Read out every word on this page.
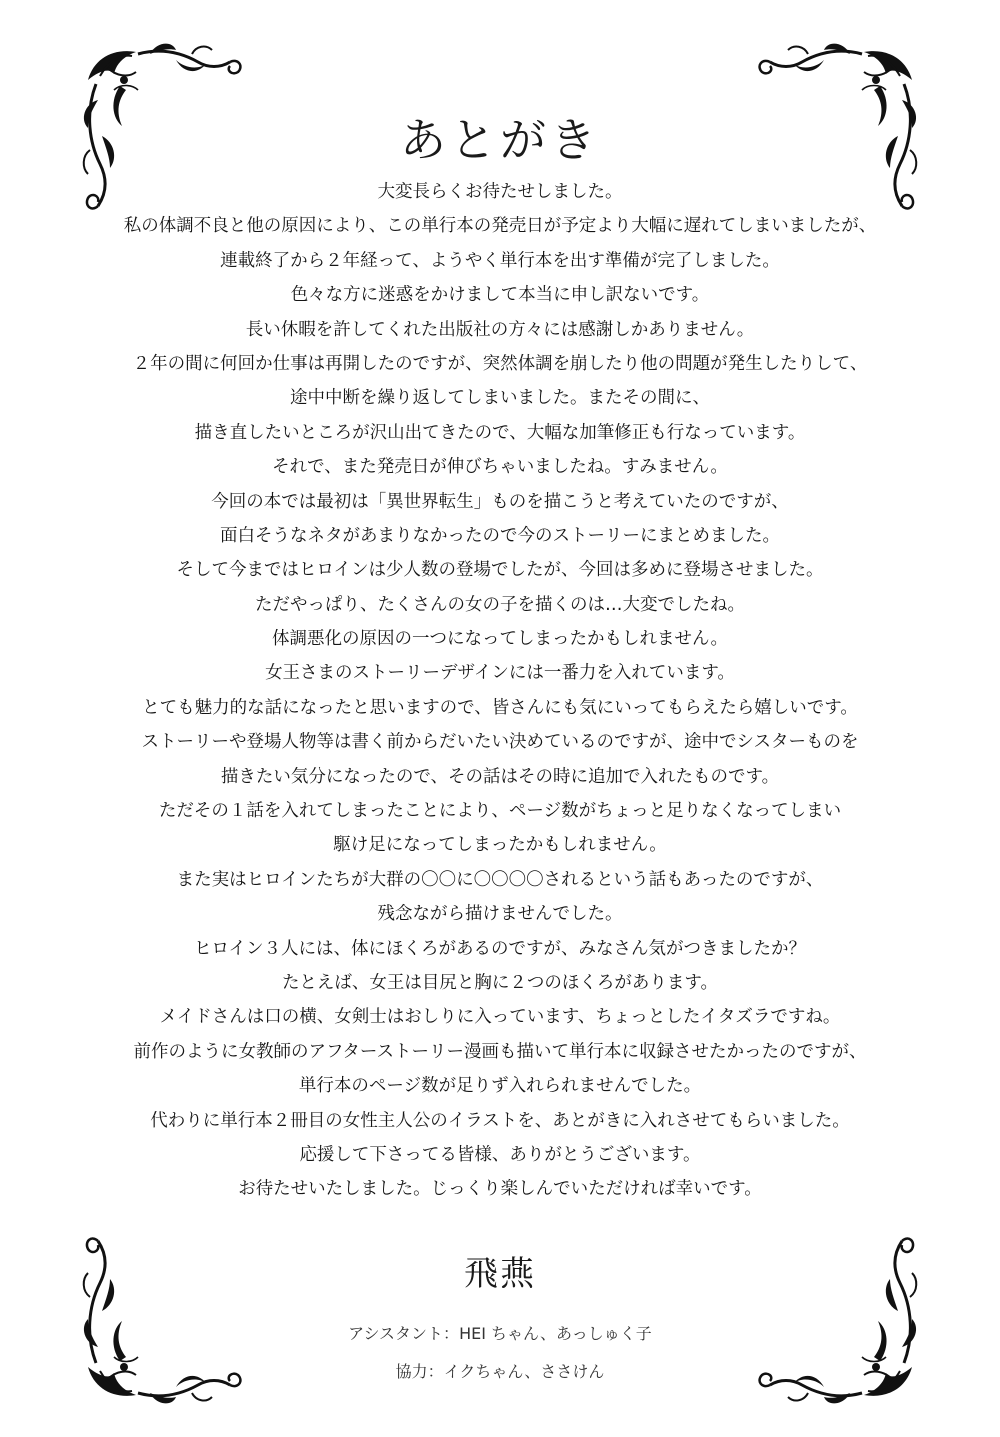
あとがき
大変長らくお待たせしました。
私の体調不良と他の原因により、この単行本の発売日が予定より大幅に遅れてしまいましたが、
連載終了から２年経って、ようやく単行本を出す準備が完了しました。
色々な方に迷惑をかけまして本当に申し訳ないです。
長い休暇を許してくれた出版社の方々には感謝しかありません。
２年の間に何回か仕事は再開したのですが、突然体調を崩したり他の問題が発生したりして、
途中中断を繰り返してしまいました。またその間に、
描き直したいところが沢山出てきたので、大幅な加筆修正も行なっています。
それで、また発売日が伸びちゃいましたね。すみません。
今回の本では最初は「異世界転生」ものを描こうと考えていたのですが、
面白そうなネタがあまりなかったので今のストーリーにまとめました。
そして今まではヒロインは少人数の登場でしたが、今回は多めに登場させました。
ただやっぱり、たくさんの女の子を描くのは…大変でしたね。
体調悪化の原因の一つになってしまったかもしれません。
女王さまのストーリーデザインには一番力を入れています。
とても魅力的な話になったと思いますので、皆さんにも気にいってもらえたら嬉しいです。
ストーリーや登場人物等は書く前からだいたい決めているのですが、途中でシスターものを
描きたい気分になったので、その話はその時に追加で入れたものです。
ただその１話を入れてしまったことにより、ページ数がちょっと足りなくなってしまい
駆け足になってしまったかもしれません。
また実はヒロインたちが大群の〇〇に〇〇〇〇されるという話もあったのですが、
残念ながら描けませんでした。
ヒロイン３人には、体にほくろがあるのですが、みなさん気がつきましたか？
たとえば、女王は目尻と胸に２つのほくろがあります。
メイドさんは口の横、女剣士はおしりに入っています、ちょっとしたイタズラですね。
前作のように女教師のアフターストーリー漫画も描いて単行本に収録させたかったのですが、
単行本のページ数が足りず入れられませんでした。
代わりに単行本２冊目の女性主人公のイラストを、あとがきに入れさせてもらいました。
応援して下さってる皆様、ありがとうございます。
お待たせいたしました。じっくり楽しんでいただければ幸いです。
飛燕
アシスタント：HEI ちゃん、あっしゅく子
協力：イクちゃん、ささけん
